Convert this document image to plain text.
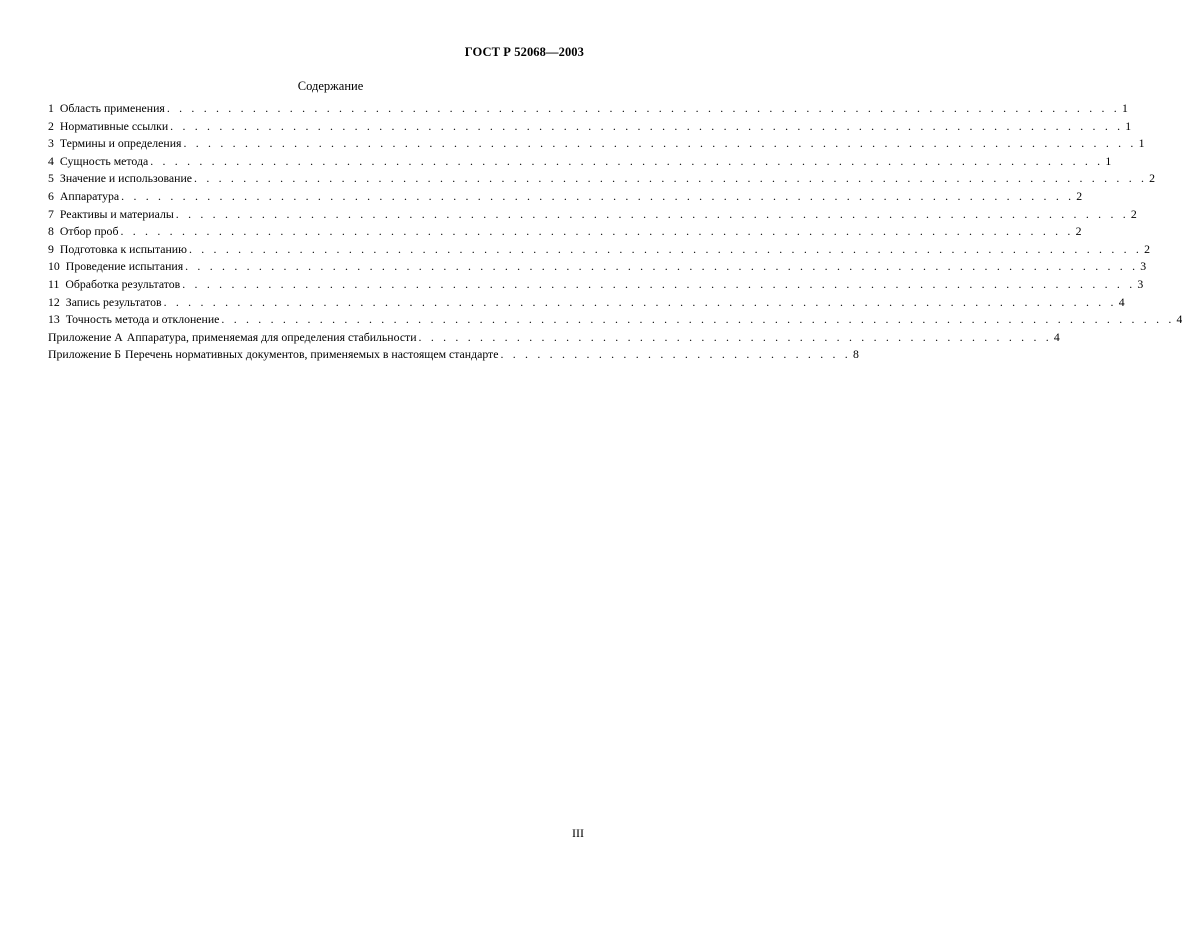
ГОСТ Р 52068—2003
Содержание
1 Область применения . . . . . . . . . . . . . . . . . . . . . . . . . . . . . . . . . . . . . . . . . . . . . . . . . . . . . . . . . . . . . . . . . . . . . . . . . . . . . . 1
2 Нормативные ссылки . . . . . . . . . . . . . . . . . . . . . . . . . . . . . . . . . . . . . . . . . . . . . . . . . . . . . . . . . . . . . . . . . . . . . . . . . . . . . . 1
3 Термины и определения . . . . . . . . . . . . . . . . . . . . . . . . . . . . . . . . . . . . . . . . . . . . . . . . . . . . . . . . . . . . . . . . . . . . . . . . . . . . . . 1
4 Сущность метода . . . . . . . . . . . . . . . . . . . . . . . . . . . . . . . . . . . . . . . . . . . . . . . . . . . . . . . . . . . . . . . . . . . . . . . . . . . . . . 1
5 Значение и использование . . . . . . . . . . . . . . . . . . . . . . . . . . . . . . . . . . . . . . . . . . . . . . . . . . . . . . . . . . . . . . . . . . . . . . . . . . . . . . 2
6 Аппаратура . . . . . . . . . . . . . . . . . . . . . . . . . . . . . . . . . . . . . . . . . . . . . . . . . . . . . . . . . . . . . . . . . . . . . . . . . . . . . . 2
7 Реактивы и материалы . . . . . . . . . . . . . . . . . . . . . . . . . . . . . . . . . . . . . . . . . . . . . . . . . . . . . . . . . . . . . . . . . . . . . . . . . . . . . . 2
8 Отбор проб . . . . . . . . . . . . . . . . . . . . . . . . . . . . . . . . . . . . . . . . . . . . . . . . . . . . . . . . . . . . . . . . . . . . . . . . . . . . . . 2
9 Подготовка к испытанию . . . . . . . . . . . . . . . . . . . . . . . . . . . . . . . . . . . . . . . . . . . . . . . . . . . . . . . . . . . . . . . . . . . . . . . . . . . . . . 2
10 Проведение испытания . . . . . . . . . . . . . . . . . . . . . . . . . . . . . . . . . . . . . . . . . . . . . . . . . . . . . . . . . . . . . . . . . . . . . . . . . . . . . . 3
11 Обработка результатов . . . . . . . . . . . . . . . . . . . . . . . . . . . . . . . . . . . . . . . . . . . . . . . . . . . . . . . . . . . . . . . . . . . . . . . . . . . . . . 3
12 Запись результатов . . . . . . . . . . . . . . . . . . . . . . . . . . . . . . . . . . . . . . . . . . . . . . . . . . . . . . . . . . . . . . . . . . . . . . . . . . . . . . 4
13 Точность метода и отклонение . . . . . . . . . . . . . . . . . . . . . . . . . . . . . . . . . . . . . . . . . . . . . . . . . . . . . . . . . . . . . . . . . . . . . . . . . . . . . . 4
Приложение А Аппаратура, применяемая для определения стабильности . . . . . . . . . . . . . . . . . . . . . . . . . . . . . . . . . . . . . . . . . . . . . . . . . . . . 4
Приложение Б Перечень нормативных документов, применяемых в настоящем стандарте . . . . . . . . . . . . . . . . . . . . . . . . . . . . . 8
III
